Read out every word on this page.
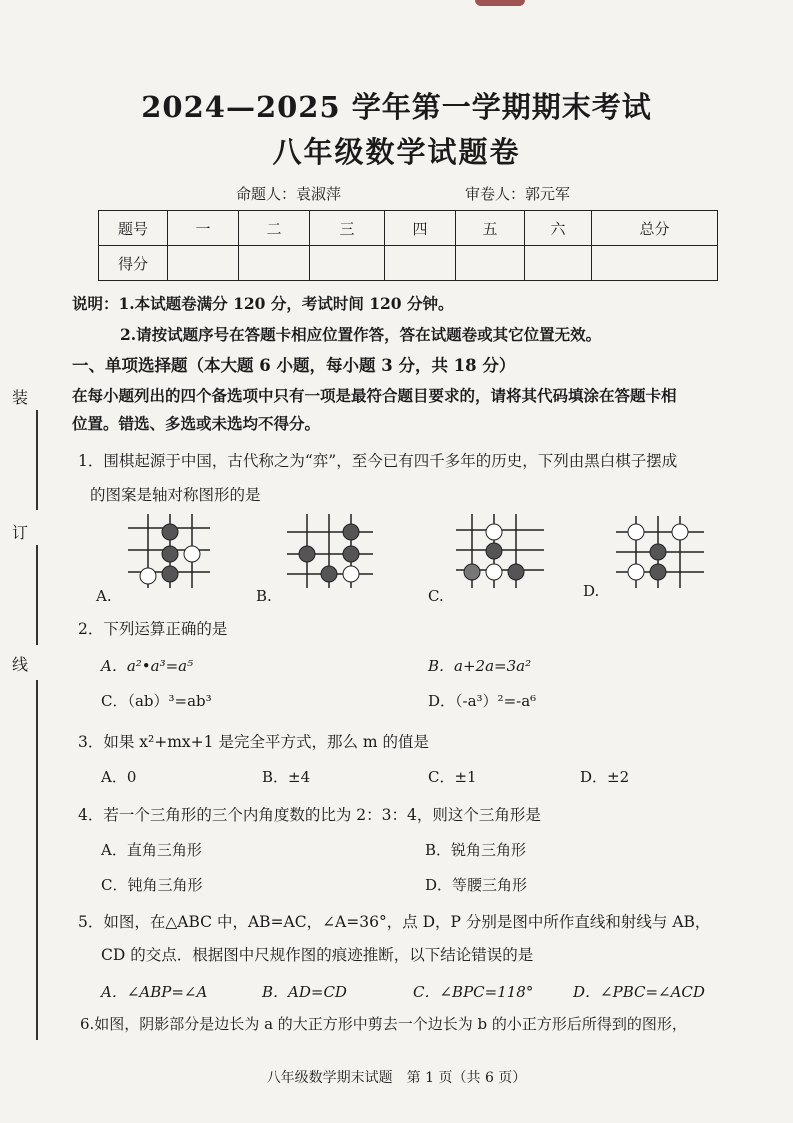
装
订
线
2024—2025 学年第一学期期末考试
八年级数学试题卷
命题人：袁淑萍	审卷人：郭元军
题号	一	二	三	四	五	六	总分
得分							
说明：1.本试题卷满分 120 分，考试时间 120 分钟。
2.请按试题序号在答题卡相应位置作答，答在试题卷或其它位置无效。
一、单项选择题（本大题 6 小题，每小题 3 分，共 18 分）
在每小题列出的四个备选项中只有一项是最符合题目要求的，请将其代码填涂在答题卡相
位置。错选、多选或未选均不得分。
1．围棋起源于中国，古代称之为“弈”，至今已有四千多年的历史，下列由黑白棋子摆成
的图案是轴对称图形的是
A.	B.	C.	D.
2．下列运算正确的是
A．a²•a³=a⁵	B．a+2a=3a²
C．（ab）³=ab³	D．（-a³）²=-a⁶
3．如果 x²+mx+1 是完全平方式，那么 m 的值是
A．0	B．±4	C．±1	D．±2
4．若一个三角形的三个内角度数的比为 2：3：4，则这个三角形是
A．直角三角形	B．锐角三角形
C．钝角三角形	D．等腰三角形
5．如图，在△ABC 中，AB=AC，∠A=36°，点 D，P 分别是图中所作直线和射线与 AB，
CD 的交点．根据图中尺规作图的痕迹推断，以下结论错误的是
A．∠ABP=∠A	B．AD=CD	C．∠BPC=118°	D．∠PBC=∠ACD
6.如图，阴影部分是边长为 a 的大正方形中剪去一个边长为 b 的小正方形后所得到的图形，
八年级数学期末试题　第 1 页（共 6 页）
